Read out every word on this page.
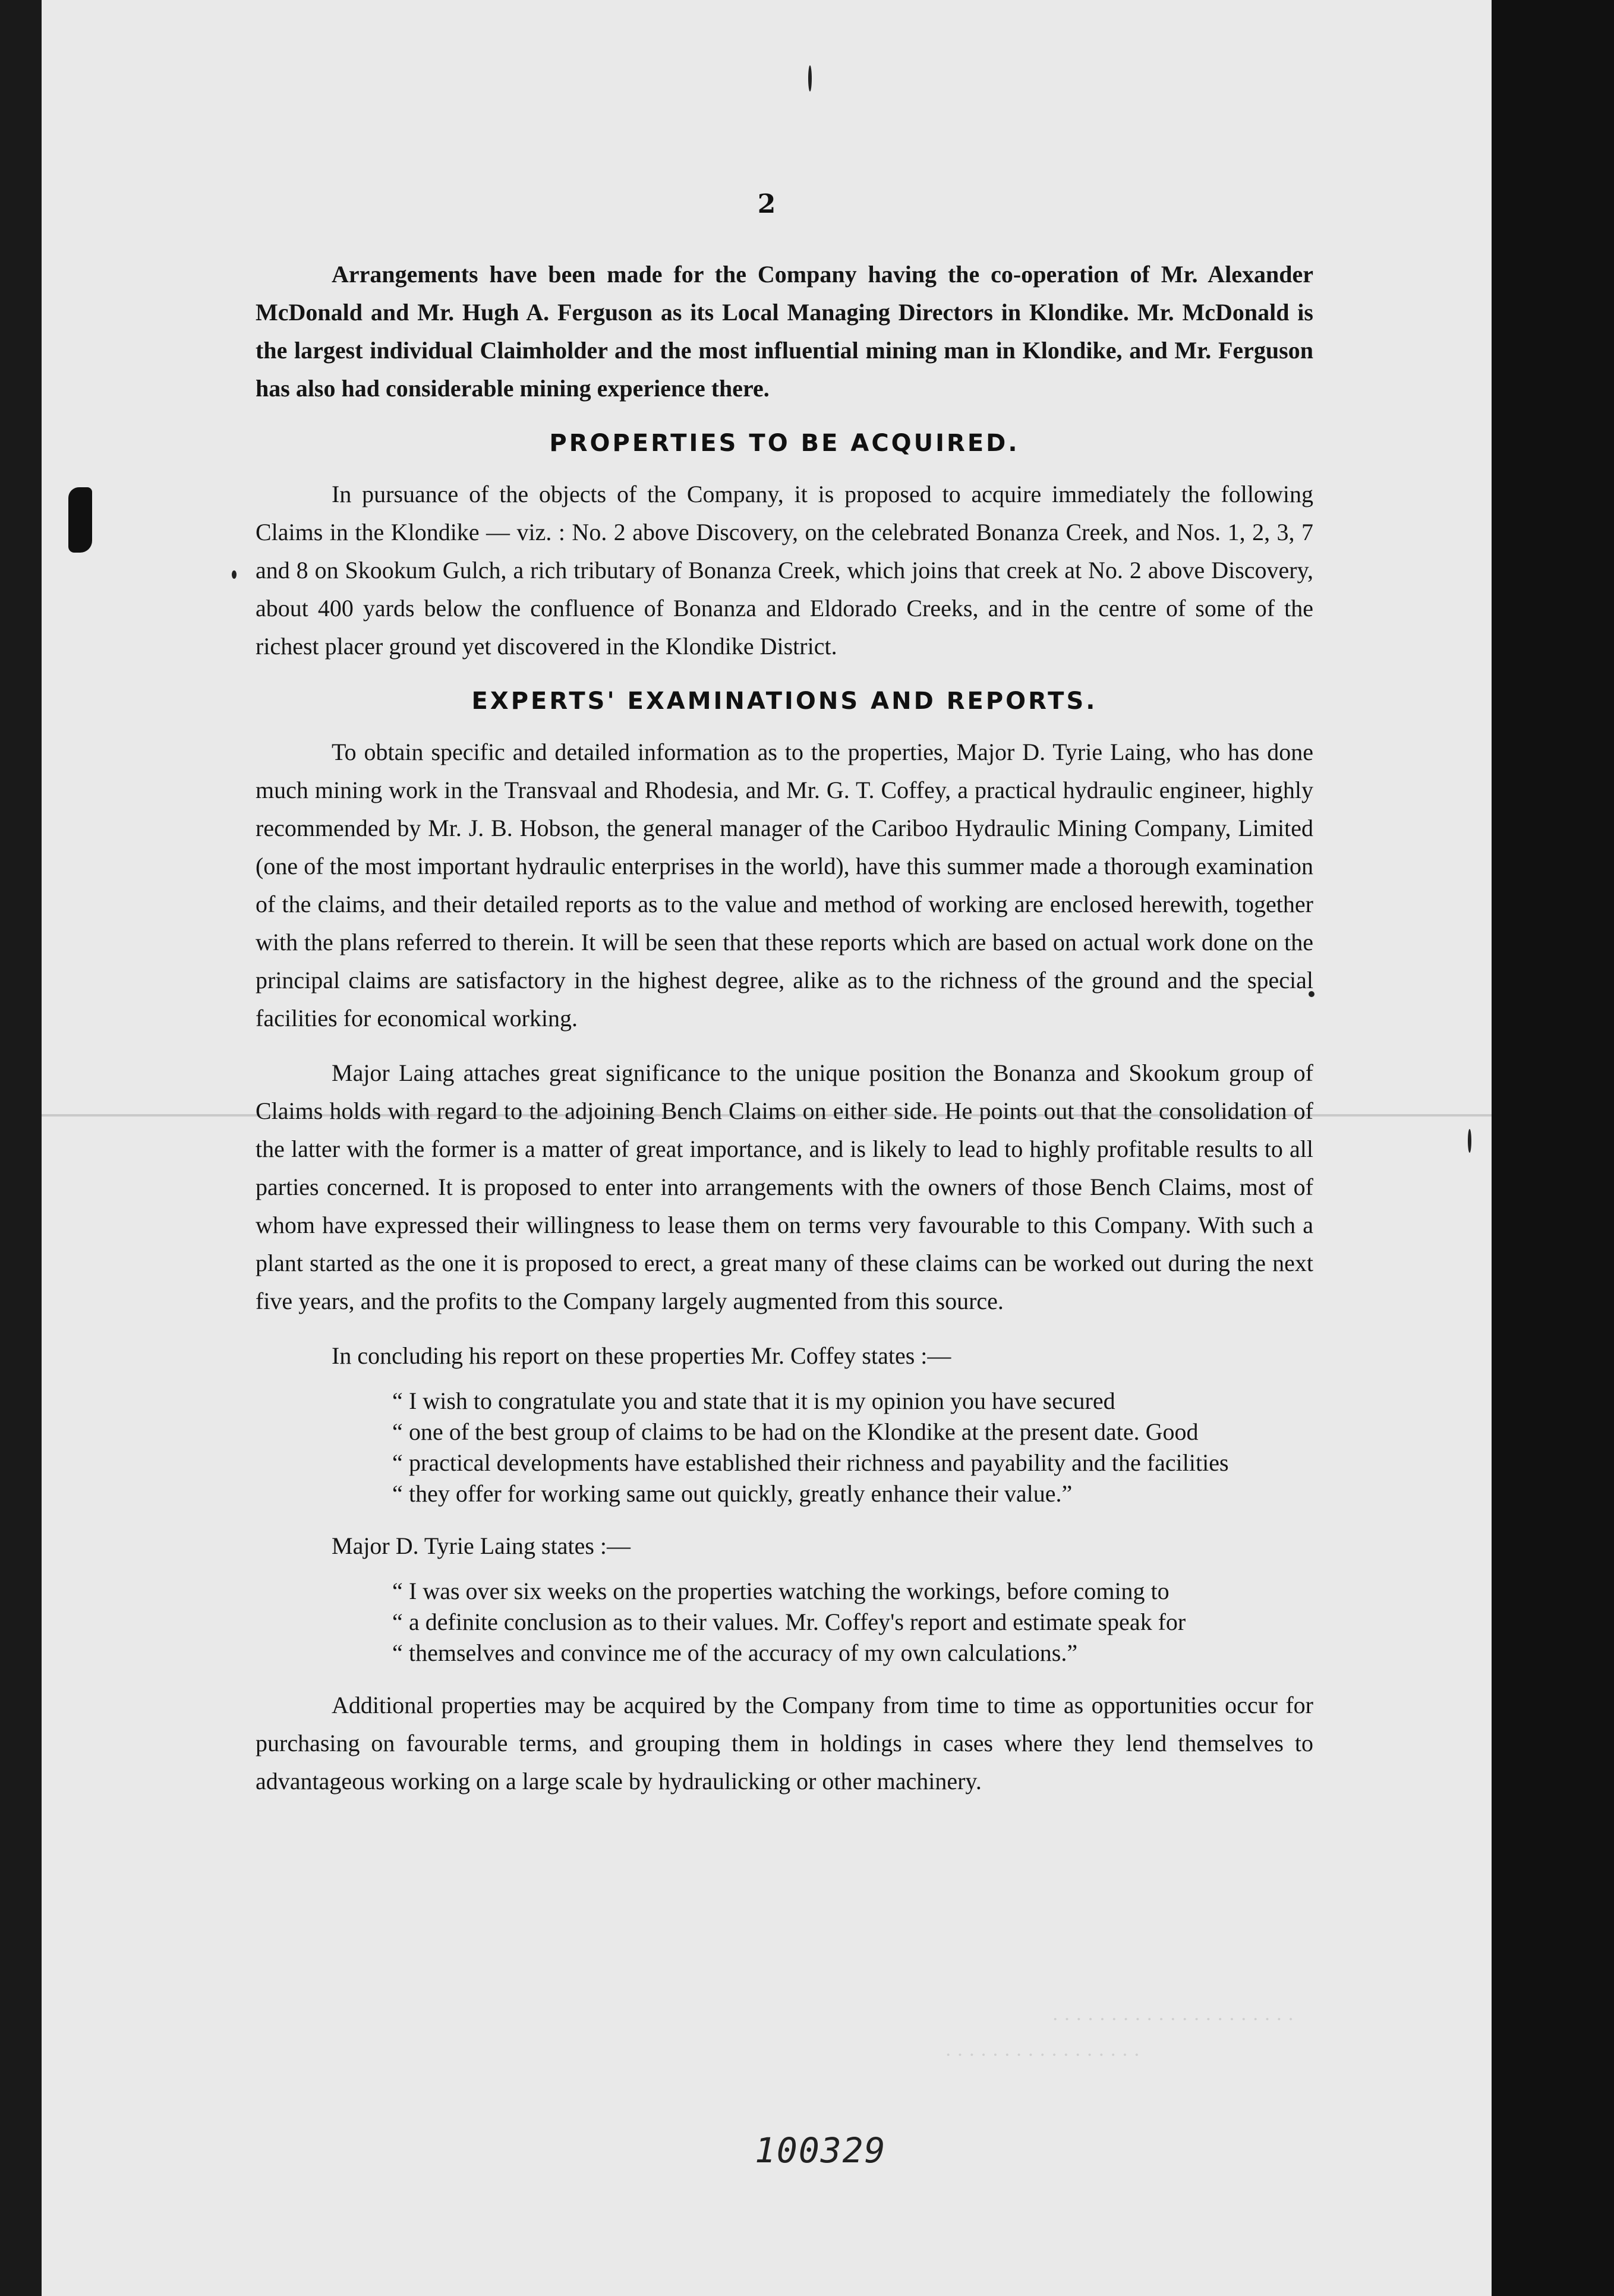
· · · · · · · · · · · · · · · · · · · · ·
· · · · · · · · · · · · · · · · ·
2

Arrangements have been made for the Company having the co-operation of Mr. Alexander McDonald and Mr. Hugh A. Ferguson as its Local Managing Directors in Klondike. Mr. McDonald is the largest individual Claimholder and the most influential mining man in Klondike, and Mr. Ferguson has also had considerable mining experience there.

PROPERTIES TO BE ACQUIRED.

In pursuance of the objects of the Company, it is proposed to acquire immediately the following Claims in the Klondike — viz. : No. 2 above Discovery, on the celebrated Bonanza Creek, and Nos. 1, 2, 3, 7 and 8 on Skookum Gulch, a rich tributary of Bonanza Creek, which joins that creek at No. 2 above Discovery, about 400 yards below the confluence of Bonanza and Eldorado Creeks, and in the centre of some of the richest placer ground yet discovered in the Klondike District.

EXPERTS' EXAMINATIONS AND REPORTS.

To obtain specific and detailed information as to the properties, Major D. Tyrie Laing, who has done much mining work in the Transvaal and Rhodesia, and Mr. G. T. Coffey, a practical hydraulic engineer, highly recommended by Mr. J. B. Hobson, the general manager of the Cariboo Hydraulic Mining Company, Limited (one of the most important hydraulic enterprises in the world), have this summer made a thorough examination of the claims, and their detailed reports as to the value and method of working are enclosed herewith, together with the plans referred to therein. It will be seen that these reports which are based on actual work done on the principal claims are satisfactory in the highest degree, alike as to the richness of the ground and the special facilities for economical working.

Major Laing attaches great significance to the unique position the Bonanza and Skookum group of Claims holds with regard to the adjoining Bench Claims on either side. He points out that the consolidation of the latter with the former is a matter of great importance, and is likely to lead to highly profitable results to all parties concerned. It is proposed to enter into arrangements with the owners of those Bench Claims, most of whom have expressed their willingness to lease them on terms very favourable to this Company. With such a plant started as the one it is proposed to erect, a great many of these claims can be worked out during the next five years, and the profits to the Company largely augmented from this source.

In concluding his report on these properties Mr. Coffey states :—

“ I wish to congratulate you and state that it is my opinion you have secured

“ one of the best group of claims to be had on the Klondike at the present date. Good

“ practical developments have established their richness and payability and the facilities

“ they offer for working same out quickly, greatly enhance their value.”

Major D. Tyrie Laing states :—

“ I was over six weeks on the properties watching the workings, before coming to

“ a definite conclusion as to their values. Mr. Coffey's report and estimate speak for

“ themselves and convince me of the accuracy of my own calculations.”

Additional properties may be acquired by the Company from time to time as opportunities occur for purchasing on favourable terms, and grouping them in holdings in cases where they lend themselves to advantageous working on a large scale by hydraulicking or other machinery.

100329
